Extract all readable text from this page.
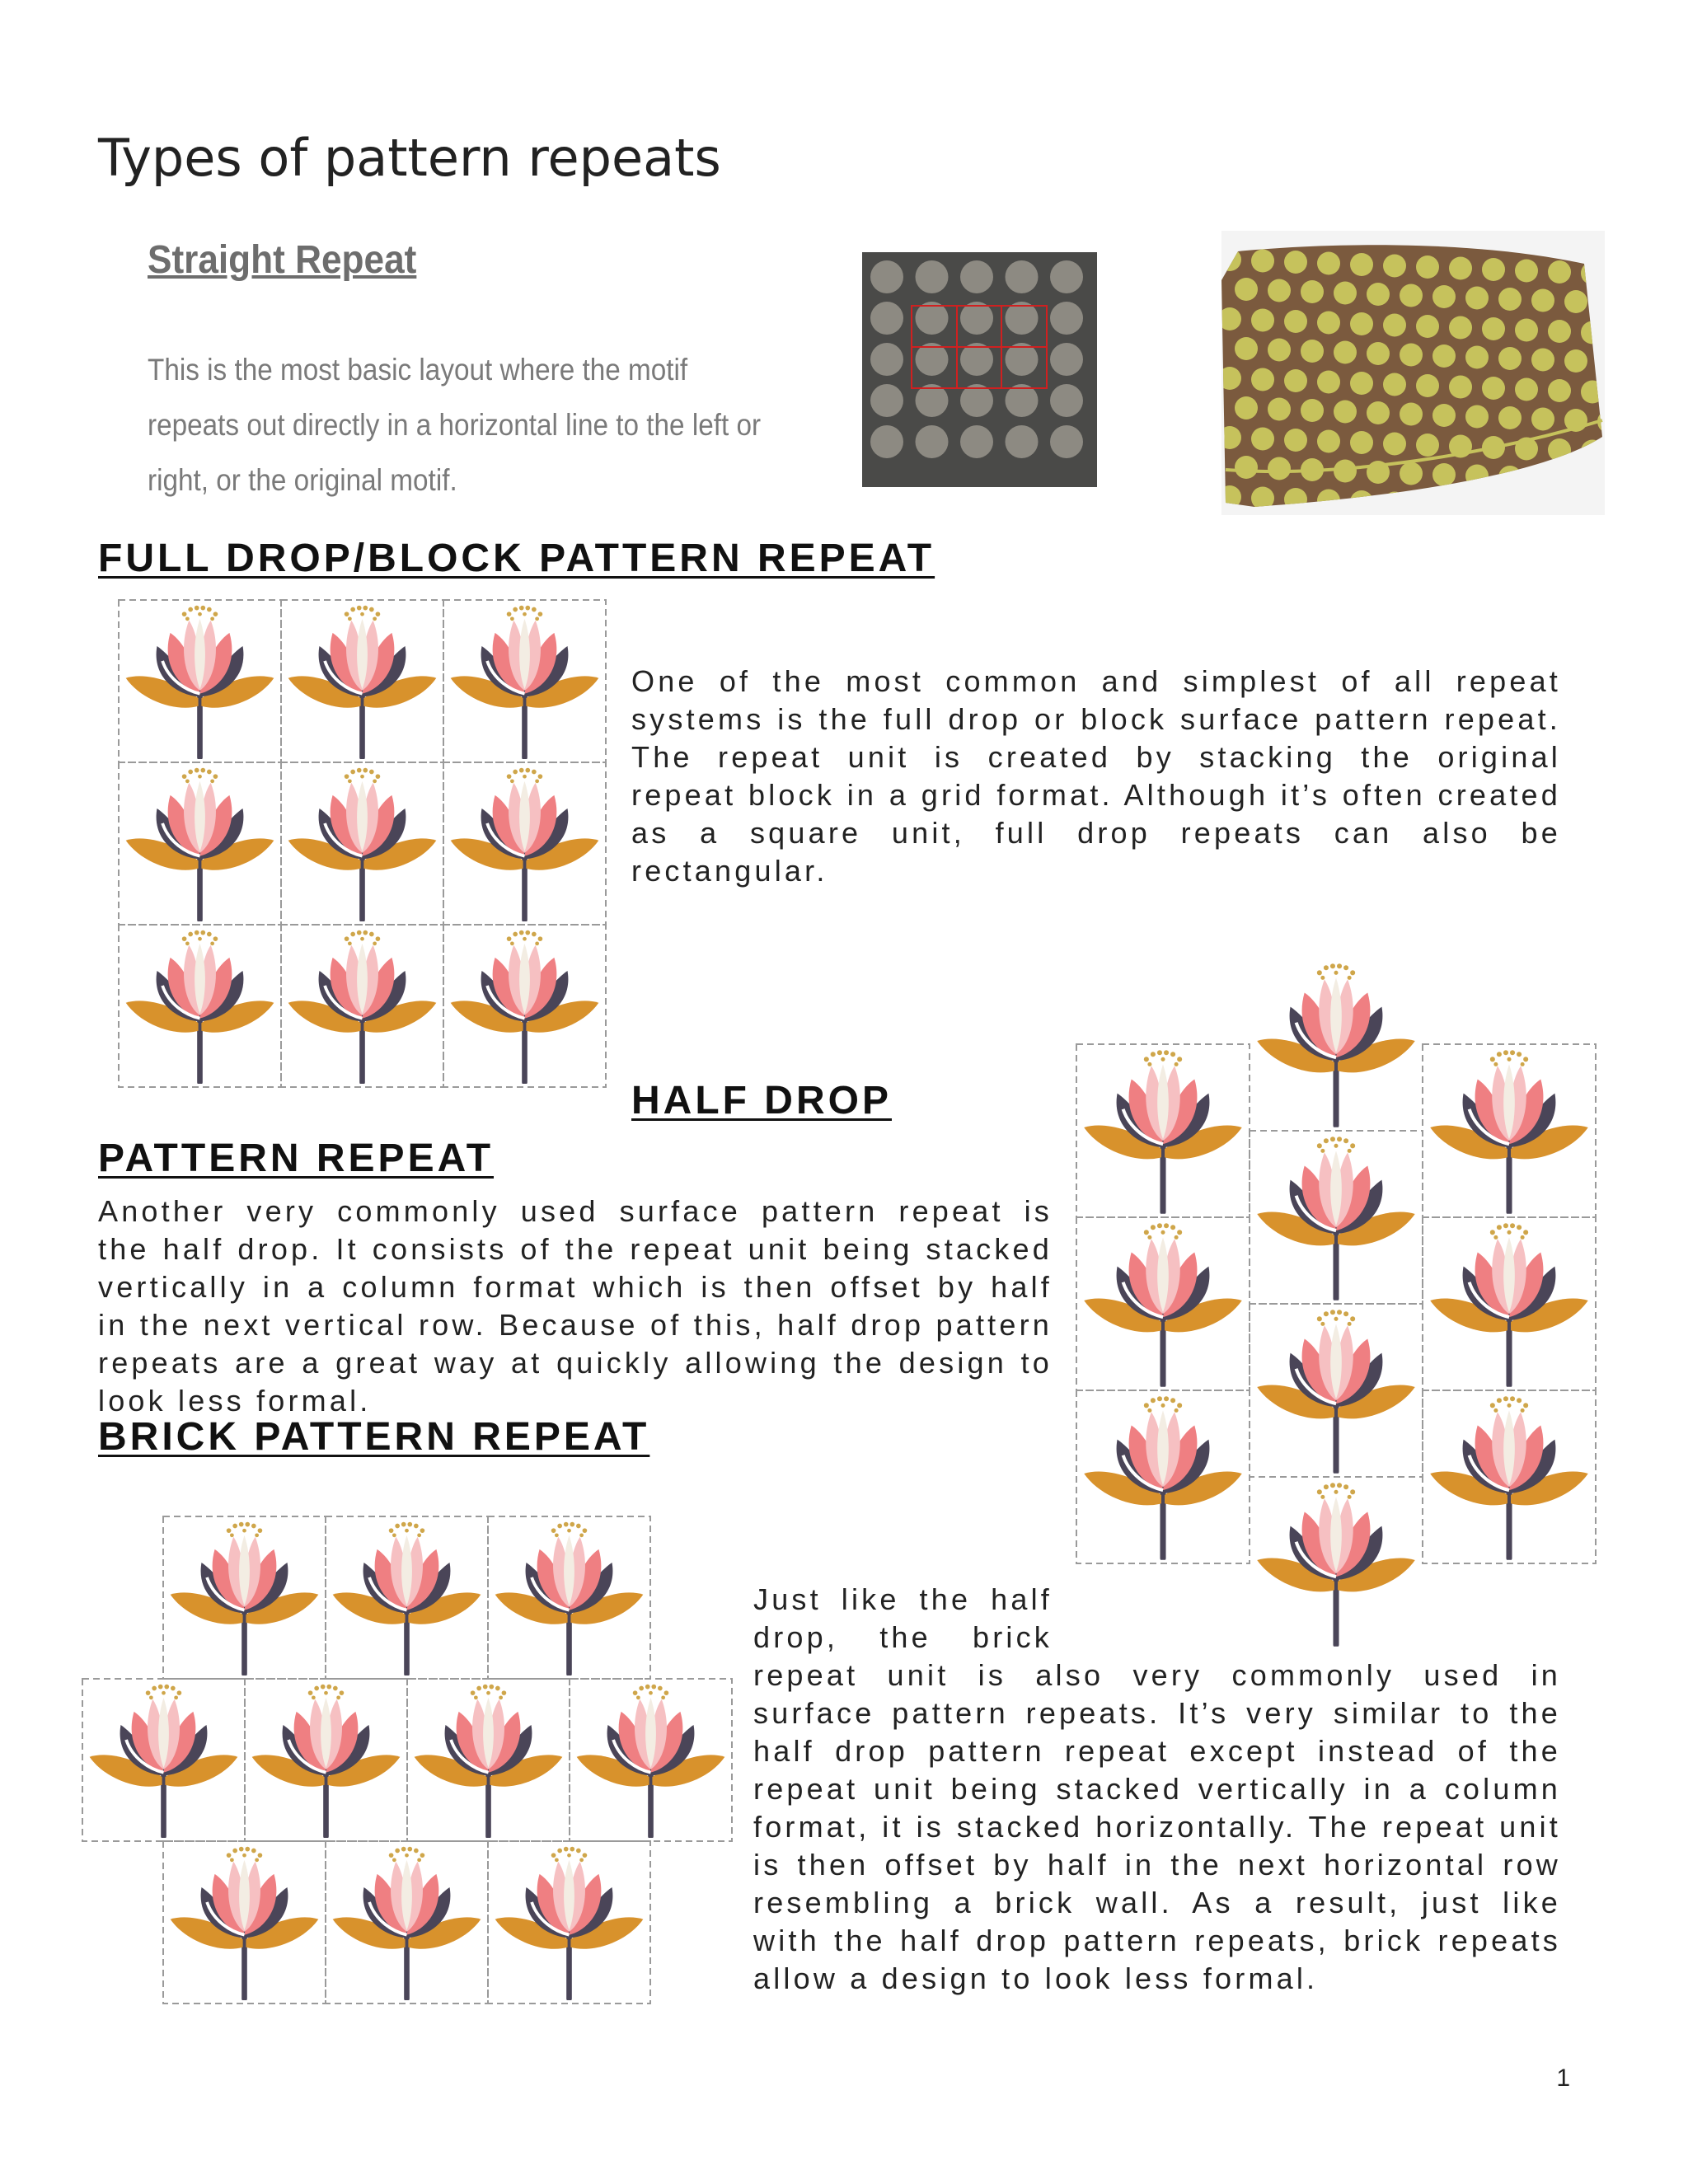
Types of pattern repeats
Straight Repeat

This is the most basic layout where the motif repeats out directly in a horizontal line to the left or right, or the original motif.

FULL DROP/BLOCK PATTERN REPEAT

One of the most common and simplest of all repeat systems is the full drop or block surface pattern repeat. The repeat unit is created by stacking the original repeat block in a grid format. Although it’s often created as a square unit, full drop repeats can also be rectangular.

HALF DROP
PATTERN REPEAT

Another very commonly used surface pattern repeat is the half drop. It consists of the repeat unit being stacked vertically in a column format which is then offset by half in the next vertical row. Because of this, half drop pattern repeats are a great way at quickly allowing the design to look less formal.

BRICK PATTERN REPEAT

Just like the half

drop, the brick

repeat unit is also very commonly used in surface pattern repeats. It’s very similar to the half drop pattern repeat except instead of the repeat unit being stacked vertically in a column format, it is stacked horizontally. The repeat unit is then offset by half in the next horizontal row resembling a brick wall. As a result, just like with the half drop pattern repeats, brick repeats allow a design to look less formal.

1
